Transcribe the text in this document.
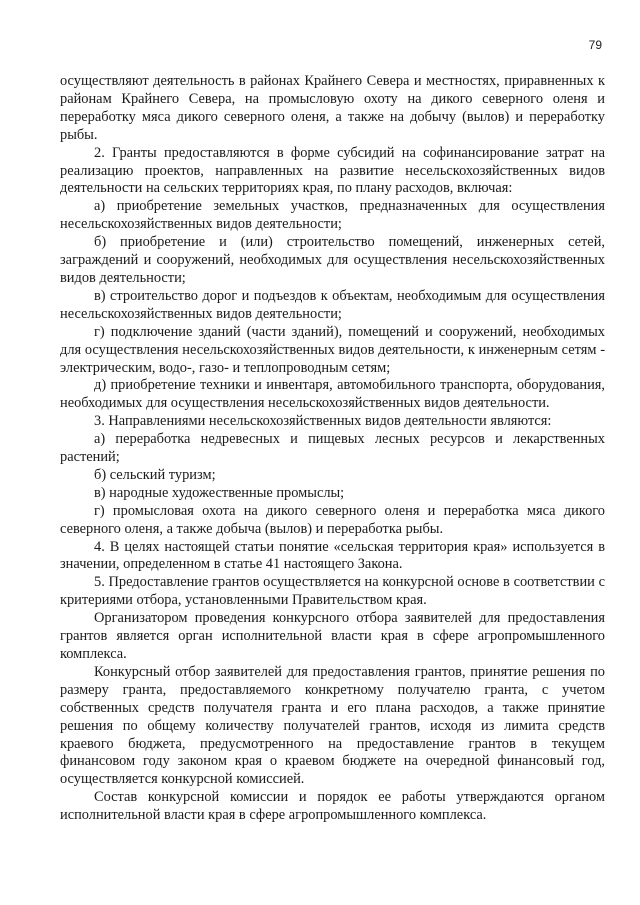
79

осуществляют деятельность в районах Крайнего Севера и местностях, приравненных к районам Крайнего Севера, на промысловую охоту на дикого северного оленя и переработку мяса дикого северного оленя, а также на добычу (вылов) и переработку рыбы.

2. Гранты предоставляются в форме субсидий на софинансирование затрат на реализацию проектов, направленных на развитие несельскохозяйственных видов деятельности на сельских территориях края, по плану расходов, включая:

а) приобретение земельных участков, предназначенных для осуществления несельскохозяйственных видов деятельности;

б) приобретение и (или) строительство помещений, инженерных сетей, заграждений и сооружений, необходимых для осуществления несельскохозяйственных видов деятельности;

в) строительство дорог и подъездов к объектам, необходимым для осуществления несельскохозяйственных видов деятельности;

г) подключение зданий (части зданий), помещений и сооружений, необходимых для осуществления несельскохозяйственных видов деятельности, к инженерным сетям - электрическим, водо-, газо- и теплопроводным сетям;

д) приобретение техники и инвентаря, автомобильного транспорта, оборудования, необходимых для осуществления несельскохозяйственных видов деятельности.

3. Направлениями несельскохозяйственных видов деятельности являются:

а) переработка недревесных и пищевых лесных ресурсов и лекарственных растений;

б) сельский туризм;

в) народные художественные промыслы;

г) промысловая охота на дикого северного оленя и переработка мяса дикого северного оленя, а также добыча (вылов) и переработка рыбы.

4. В целях настоящей статьи понятие «сельская территория края» используется в значении, определенном в статье 41 настоящего Закона.

5. Предоставление грантов осуществляется на конкурсной основе в соответствии с критериями отбора, установленными Правительством края.

Организатором проведения конкурсного отбора заявителей для предоставления грантов является орган исполнительной власти края в сфере агропромышленного комплекса.

Конкурсный отбор заявителей для предоставления грантов, принятие решения по размеру гранта, предоставляемого конкретному получателю гранта, с учетом собственных средств получателя гранта и его плана расходов, а также принятие решения по общему количеству получателей грантов, исходя из лимита средств краевого бюджета, предусмотренного на предоставление грантов в текущем финансовом году законом края о краевом бюджете на очередной финансовый год, осуществляется конкурсной комиссией.

Состав конкурсной комиссии и порядок ее работы утверждаются органом исполнительной власти края в сфере агропромышленного комплекса.
